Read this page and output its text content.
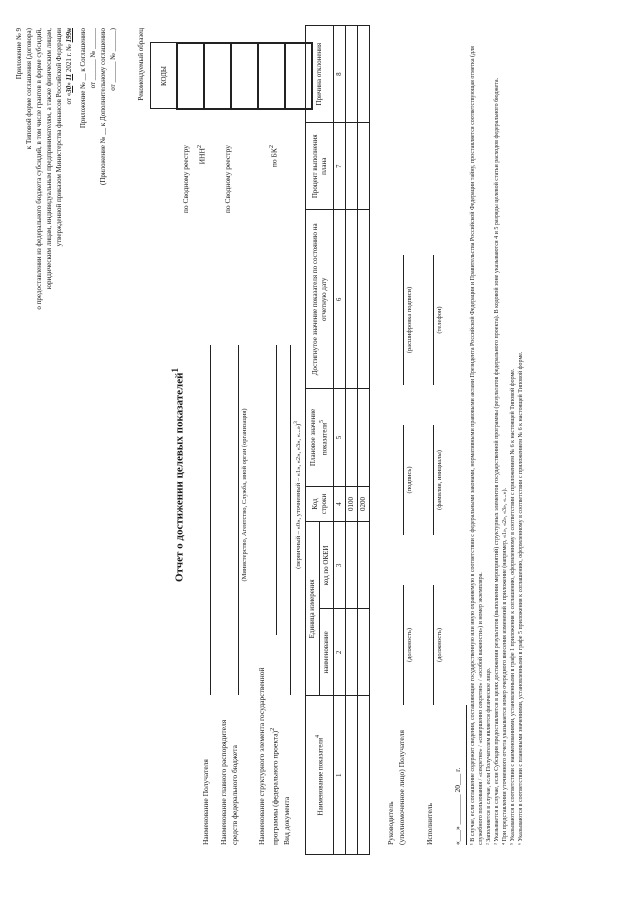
Приложение № 9 к Типовой форме соглашения (договора) о предоставлении из федерального бюджета субсидий, в том числе грантов в форме субсидий, юридическим лицам, индивидуальным предпринимателям, а также физическим лицам, утвержденной приказом Министерства финансов Российской Федерации от «30» 11 2021 г. № 199н Приложение № __ к Соглашению от ______ № ______ (Приложение № __ к Дополнительному соглашению от ______ № ______)	Рекомендуемый образец КОДЫ

по Сводному реестру	ИНН$^2$	по Сводному реестру	по $БК^2$
Отчет о достижении целевых показателей$^1$
Наименование Получателя Наименование главного распорядителя средств федерального бюджета
(Министерство, Агентство, Служба, иной орган (организация)
Наименование структурного элемента государственной программы (федерального проекта)$^2$
Вид документа
(первичный – «0», уточненный – «1», «2», «3», «...»)$^3$
Наименование показателя$^4$	Единица измерения		Код строки	Плановое значение показателя$^5$	Достигнутое значение показателя по состоянию на отчетную дату	Процент выполнения плана	Причина отклонения
	наименование	код по ОКЕИ					
1	2	3	4	5	6	7	8
			0100				
			0200				
Руководитель (уполномоченное лицо) Получателя
(должность)
(подпись)
(расшифровка подписи)
Исполнитель
(должность)
(фамилия, инициалы)
(телефон)
«___» ________ 20___ г. ¹ В случае, если соглашение содержит сведения, составляющие государственную или иную охраняемую в соответствии с федеральными законами, нормативными правовыми актами Президента Российской Федерации и Правительства Российской Федерации тайну, проставляется соответствующая отметка (для служебного пользования / «секретно» / «совершенно секретно» / «особой важности») и номер экземпляра. ² Заполняется в случае, если Получателем является физическое лицо. ³ Указывается в случае, если Субсидия предоставляется в целях достижения результатов (выполнения мероприятий) структурных элементов государственной программы (результатов федерального проекта). В кодовой зоне указываются 4 и 5 разряды целевой статьи расходов федерального бюджета. ⁴ При представлении уточненного отчета указывается номер очередного внесения изменений в приложение (например, «1», «2», «3», «...»). ⁵ Указываются в соответствии с наименованиями, установленными в графе 1 приложения к соглашению, оформленному в соответствии с приложением № 6 к настоящей Типовой форме. ⁶ Указываются в соответствии с плановыми значениями, установленными в графе 5 приложения к соглашению, оформленному в соответствии с приложением № 6 к настоящей Типовой форме.
